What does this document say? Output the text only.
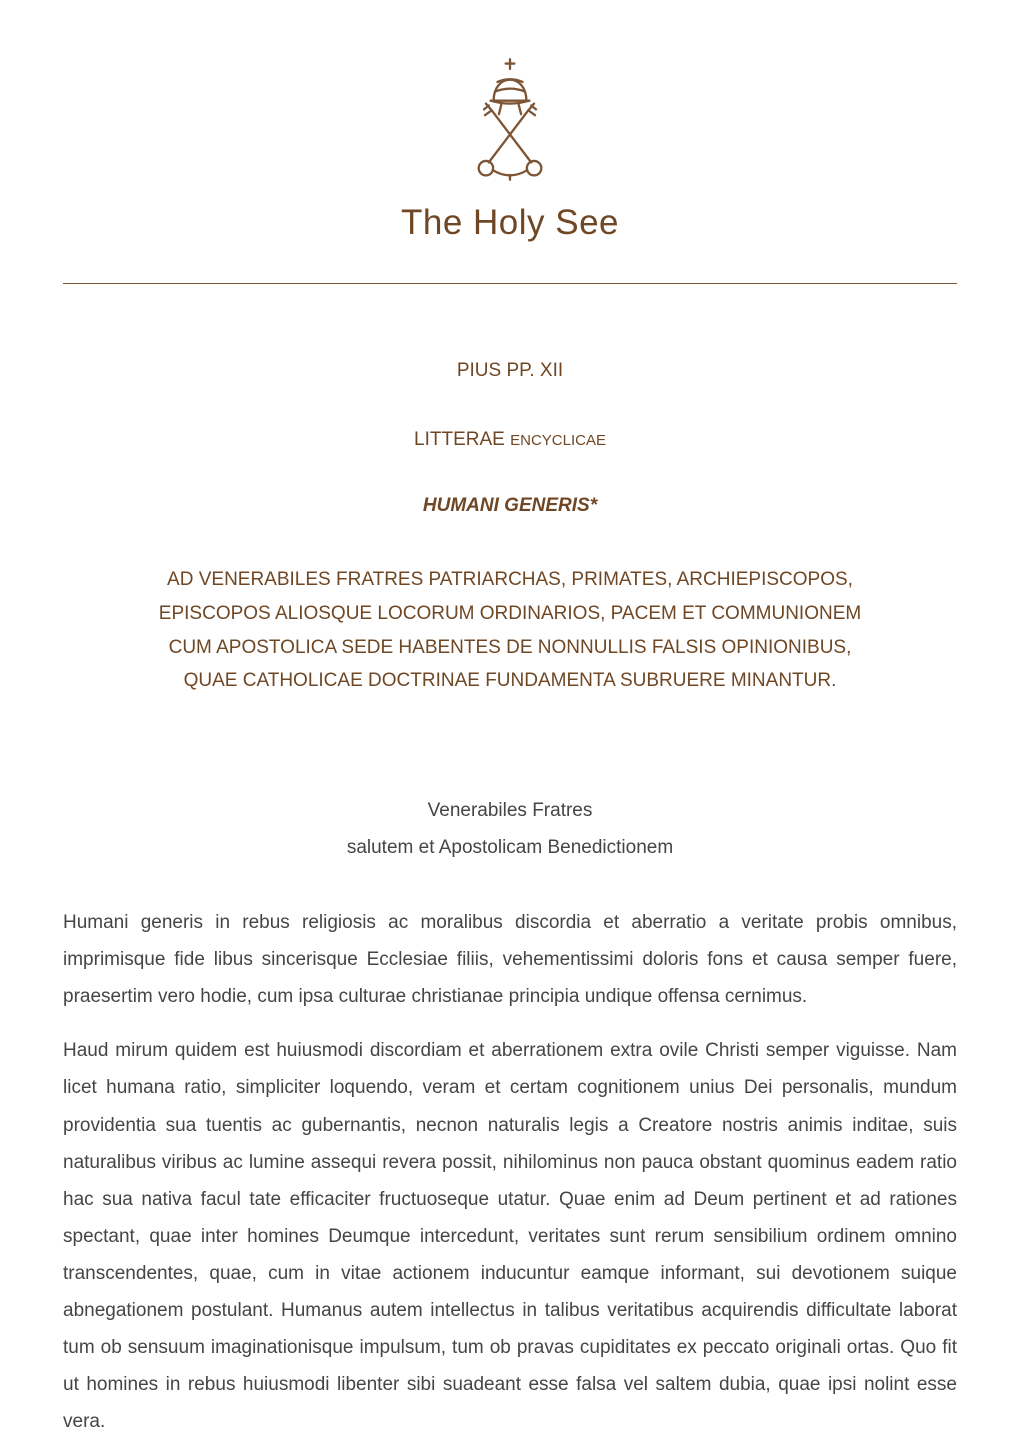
The Holy See

PIUS PP. XII

LITTERAE ENCYCLICAE

HUMANI GENERIS*

AD VENERABILES FRATRES PATRIARCHAS, PRIMATES, ARCHIEPISCOPOS,
EPISCOPOS ALIOSQUE LOCORUM ORDINARIOS, PACEM ET COMMUNIONEM
CUM APOSTOLICA SEDE HABENTES DE NONNULLIS FALSIS OPINIONIBUS,
QUAE CATHOLICAE DOCTRINAE FUNDAMENTA SUBRUERE MINANTUR.
Venerabiles Fratres
salutem et Apostolicam Benedictionem

Humani generis in rebus religiosis ac moralibus discordia et aberratio a veritate probis omnibus, imprimisque fide libus sincerisque Ecclesiae filiis, vehementissimi doloris fons et causa semper fuere, praesertim vero hodie, cum ipsa culturae christianae principia undique offensa cernimus.

Haud mirum quidem est huiusmodi discordiam et aberrationem extra ovile Christi semper viguisse. Nam licet humana ratio, simpliciter loquendo, veram et certam cognitionem unius Dei personalis, mundum providentia sua tuentis ac gubernantis, necnon naturalis legis a Creatore nostris animis inditae, suis naturalibus viribus ac lumine assequi revera possit, nihilominus non pauca obstant quominus eadem ratio hac sua nativa facul tate efficaciter fructuoseque utatur. Quae enim ad Deum pertinent et ad rationes spectant, quae inter homines Deumque intercedunt, veritates sunt rerum sensibilium ordinem omnino transcendentes, quae, cum in vitae actionem inducuntur eamque informant, sui devotionem suique abnegationem postulant. Humanus autem intellectus in talibus veritatibus acquirendis difficultate laborat tum ob sensuum imaginationisque impulsum, tum ob pravas cupiditates ex peccato originali ortas. Quo fit ut homines in rebus huiusmodi libenter sibi suadeant esse falsa vel saltem dubia, quae ipsi nolint esse vera.
